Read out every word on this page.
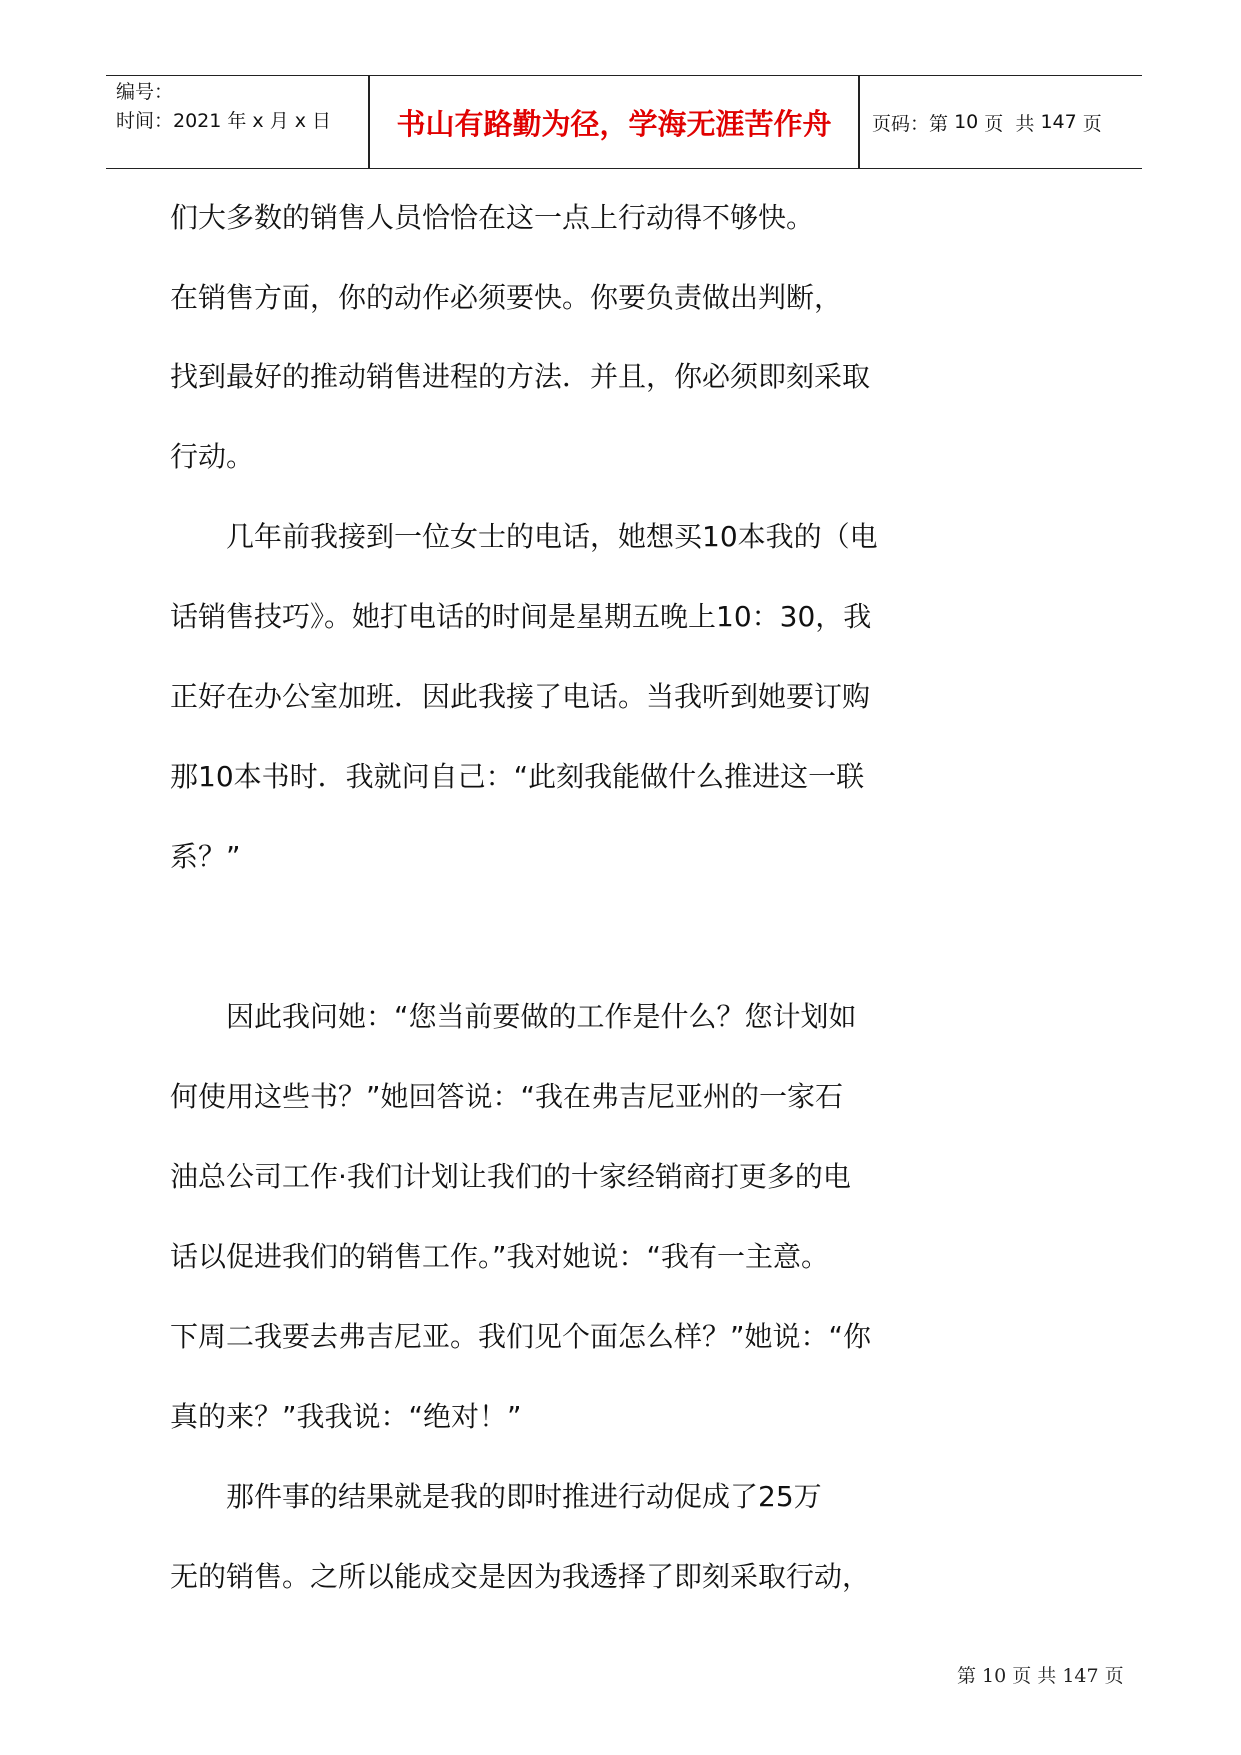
编号：
时间：2021 年 x 月 x 日	书山有路勤为径，学海无涯苦作舟	页码：第
10
页  共
147
页
们大多数的销售人员恰恰在这一点上行动得不够快。
在销售方面，你的动作必须要快。你要负责做出判断，
找到最好的推动销售进程的方法．并且，你必须即刻采取
行动。
　　几年前我接到一位女士的电话，她想买10本我的（电
话销售技巧》。她打电话的时间是星期五晚上10：30，我
正好在办公室加班．因此我接了电话。当我听到她要订购
那10本书时．我就问自己：“此刻我能做什么推进这一联
系？”
　　因此我问她：“您当前要做的工作是什么？您计划如
何使用这些书？”她回答说：“我在弗吉尼亚州的一家石
油总公司工作·我们计划让我们的十家经销商打更多的电
话以促进我们的销售工作。”我对她说：“我有一主意。
下周二我要去弗吉尼亚。我们见个面怎么样？”她说：“你
真的来？”我我说：“绝对！”
　　那件事的结果就是我的即时推进行动促成了25万
无的销售。之所以能成交是因为我透择了即刻采取行动，
第 10 页 共 147 页
